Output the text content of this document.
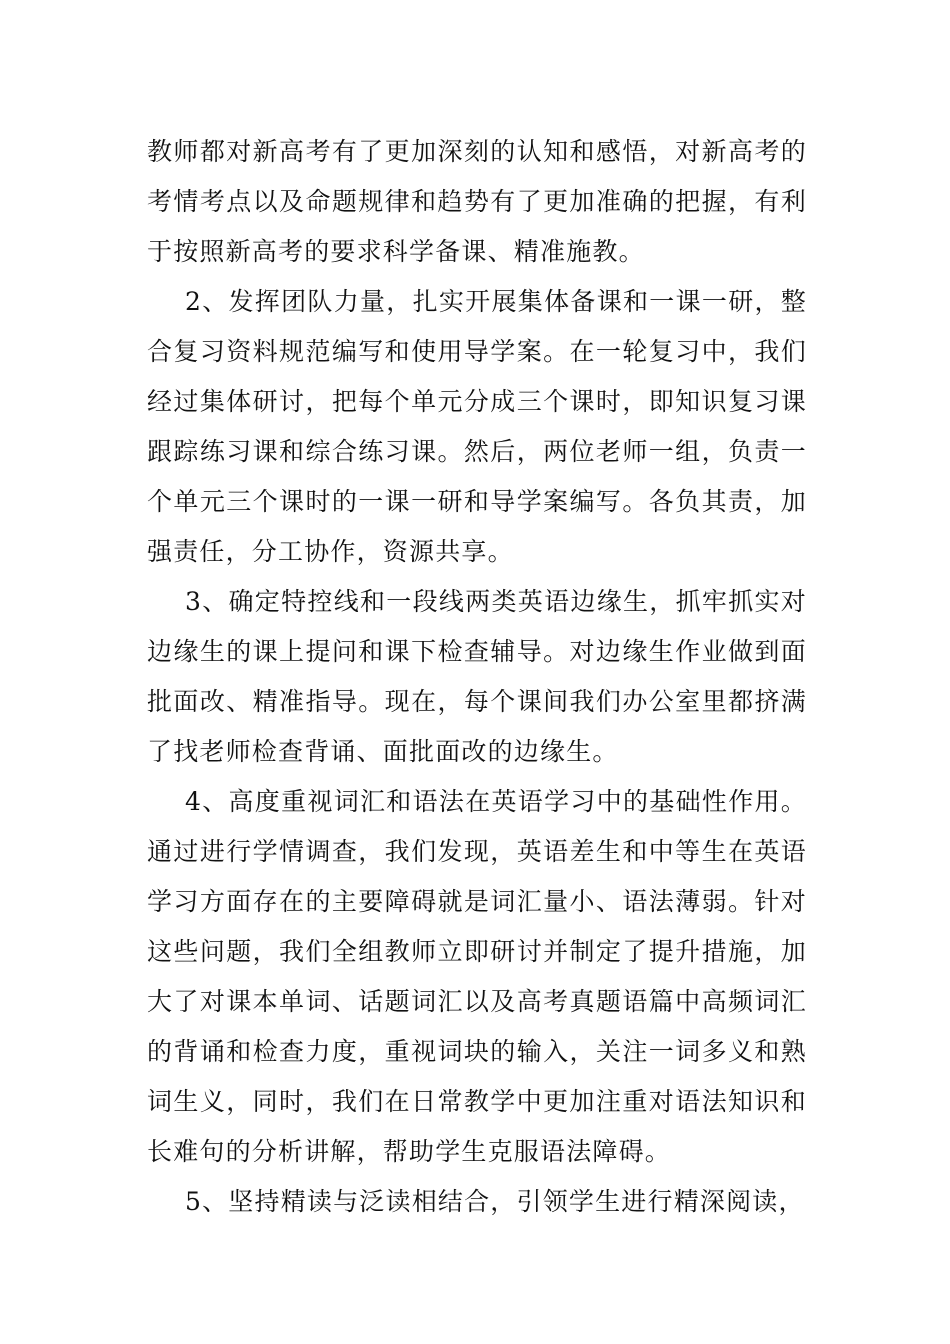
教师都对新高考有了更加深刻的认知和感悟，对新高考的考情考点以及命题规律和趋势有了更加准确的把握，有利于按照新高考的要求科学备课、精准施教。

2、发挥团队力量，扎实开展集体备课和一课一研，整合复习资料规范编写和使用导学案。在一轮复习中，我们经过集体研讨，把每个单元分成三个课时，即知识复习课跟踪练习课和综合练习课。然后，两位老师一组，负责一个单元三个课时的一课一研和导学案编写。各负其责，加强责任，分工协作，资源共享。

3、确定特控线和一段线两类英语边缘生，抓牢抓实对边缘生的课上提问和课下检查辅导。对边缘生作业做到面批面改、精准指导。现在，每个课间我们办公室里都挤满了找老师检查背诵、面批面改的边缘生。

4、高度重视词汇和语法在英语学习中的基础性作用。通过进行学情调查，我们发现，英语差生和中等生在英语学习方面存在的主要障碍就是词汇量小、语法薄弱。针对这些问题，我们全组教师立即研讨并制定了提升措施，加大了对课本单词、话题词汇以及高考真题语篇中高频词汇的背诵和检查力度，重视词块的输入，关注一词多义和熟词生义，同时，我们在日常教学中更加注重对语法知识和长难句的分析讲解，帮助学生克服语法障碍。

5、坚持精读与泛读相结合，引领学生进行精深阅读，
